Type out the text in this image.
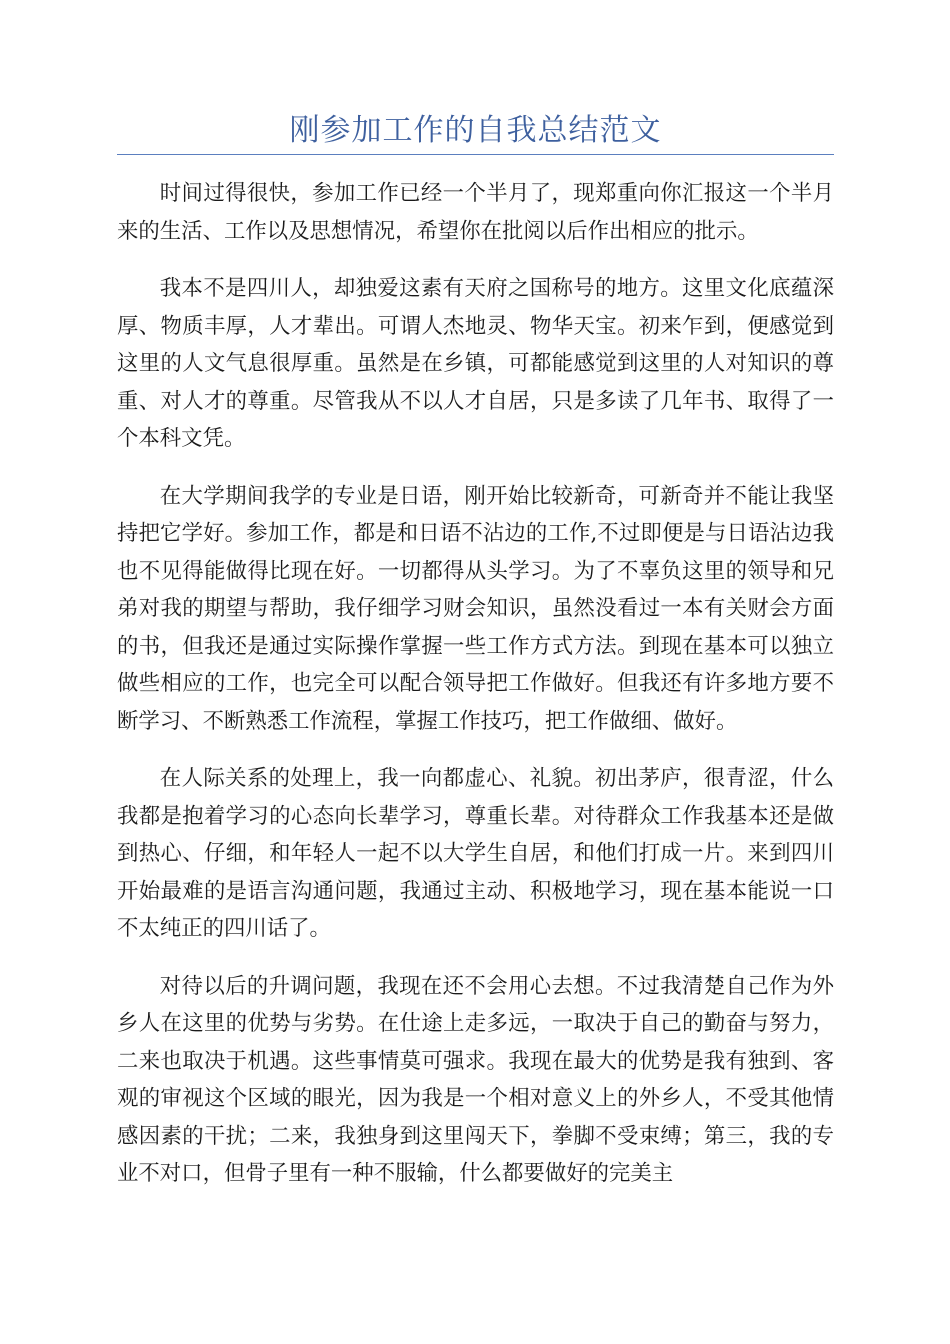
刚参加工作的自我总结范文

时间过得很快，参加工作已经一个半月了，现郑重向你汇报这一个半月来的生活、工作以及思想情况，希望你在批阅以后作出相应的批示。

我本不是四川人，却独爱这素有天府之国称号的地方。这里文化底蕴深厚、物质丰厚，人才辈出。可谓人杰地灵、物华天宝。初来乍到，便感觉到这里的人文气息很厚重。虽然是在乡镇，可都能感觉到这里的人对知识的尊重、对人才的尊重。尽管我从不以人才自居，只是多读了几年书、取得了一个本科文凭。

在大学期间我学的专业是日语，刚开始比较新奇，可新奇并不能让我坚持把它学好。参加工作，都是和日语不沾边的工作,不过即便是与日语沾边我也不见得能做得比现在好。一切都得从头学习。为了不辜负这里的领导和兄弟对我的期望与帮助，我仔细学习财会知识，虽然没看过一本有关财会方面的书，但我还是通过实际操作掌握一些工作方式方法。到现在基本可以独立做些相应的工作，也完全可以配合领导把工作做好。但我还有许多地方要不断学习、不断熟悉工作流程，掌握工作技巧，把工作做细、做好。

在人际关系的处理上，我一向都虚心、礼貌。初出茅庐，很青涩，什么我都是抱着学习的心态向长辈学习，尊重长辈。对待群众工作我基本还是做到热心、仔细，和年轻人一起不以大学生自居，和他们打成一片。来到四川开始最难的是语言沟通问题，我通过主动、积极地学习，现在基本能说一口不太纯正的四川话了。

对待以后的升调问题，我现在还不会用心去想。不过我清楚自己作为外乡人在这里的优势与劣势。在仕途上走多远，一取决于自己的勤奋与努力，二来也取决于机遇。这些事情莫可强求。我现在最大的优势是我有独到、客观的审视这个区域的眼光，因为我是一个相对意义上的外乡人，不受其他情感因素的干扰；二来，我独身到这里闯天下，拳脚不受束缚；第三，我的专业不对口，但骨子里有一种不服输，什么都要做好的完美主
